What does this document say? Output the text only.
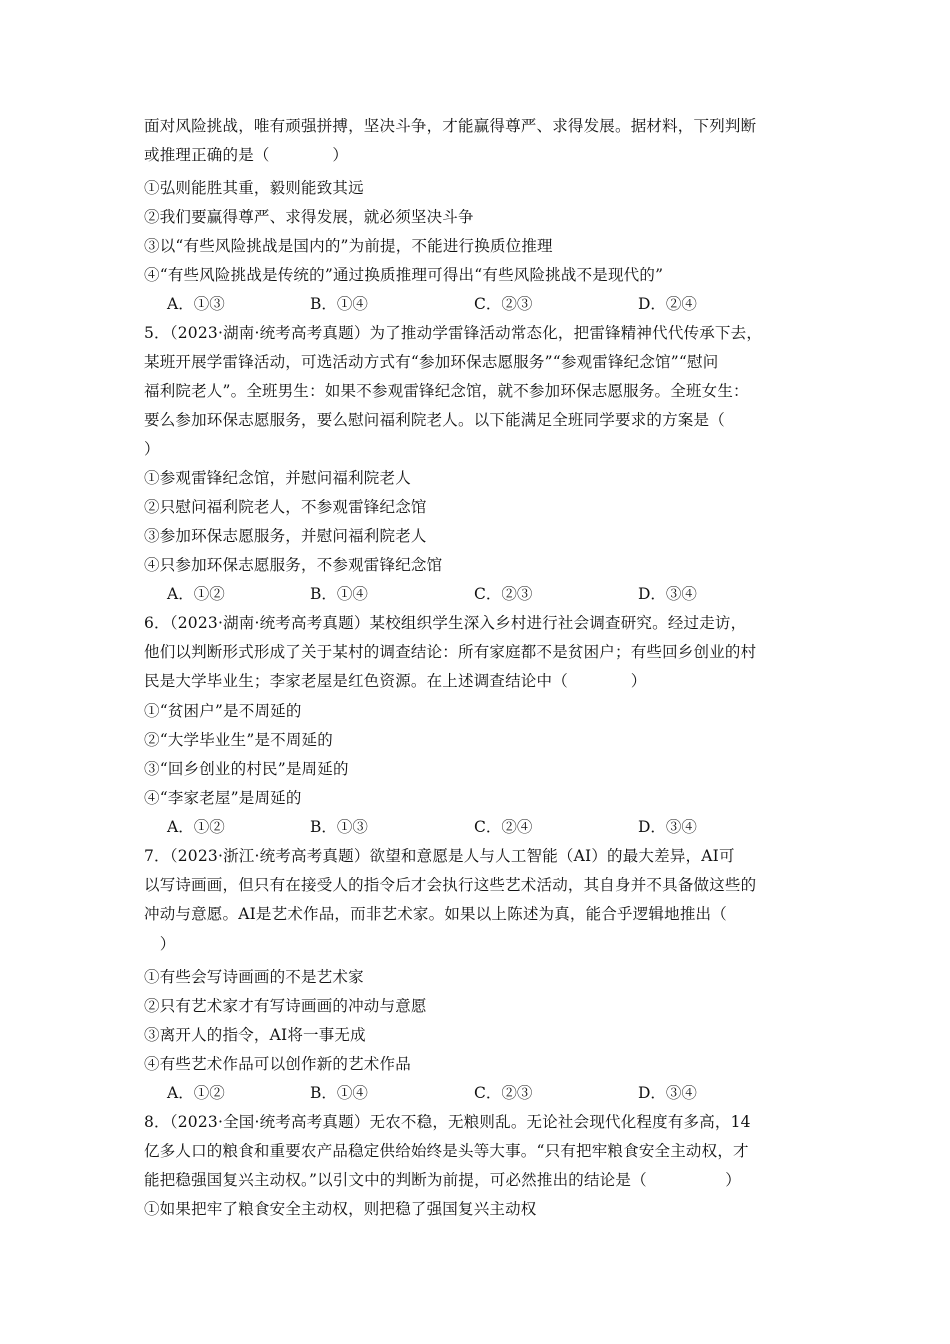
面对风险挑战，唯有顽强拼搏，坚决斗争，才能赢得尊严、求得发展。据材料，下列判断
或推理正确的是（　　　　）
①弘则能胜其重，毅则能致其远
②我们要赢得尊严、求得发展，就必须坚决斗争
③以“有些风险挑战是国内的”为前提，不能进行换质位推理
④“有些风险挑战是传统的”通过换质推理可得出“有些风险挑战不是现代的”
A．①③	B．①④	C．②③	D．②④
5．（2023·湖南·统考高考真题）为了推动学雷锋活动常态化，把雷锋精神代代传承下去，
某班开展学雷锋活动，可选活动方式有“参加环保志愿服务”“参观雷锋纪念馆”“慰问
福利院老人”。全班男生：如果不参观雷锋纪念馆，就不参加环保志愿服务。全班女生：
要么参加环保志愿服务，要么慰问福利院老人。以下能满足全班同学要求的方案是（
）
①参观雷锋纪念馆，并慰问福利院老人
②只慰问福利院老人，不参观雷锋纪念馆
③参加环保志愿服务，并慰问福利院老人
④只参加环保志愿服务，不参观雷锋纪念馆
A．①②	B．①④	C．②③	D．③④
6．（2023·湖南·统考高考真题）某校组织学生深入乡村进行社会调查研究。经过走访，
他们以判断形式形成了关于某村的调查结论：所有家庭都不是贫困户；有些回乡创业的村
民是大学毕业生；李家老屋是红色资源。在上述调查结论中（　　　　）
①“贫困户”是不周延的
②“大学毕业生”是不周延的
③“回乡创业的村民”是周延的
④“李家老屋”是周延的
A．①②	B．①③	C．②④	D．③④
7．（2023·浙江·统考高考真题）欲望和意愿是人与人工智能（AI）的最大差异，AI可
以写诗画画，但只有在接受人的指令后才会执行这些艺术活动，其自身并不具备做这些的
冲动与意愿。AI是艺术作品，而非艺术家。如果以上陈述为真，能合乎逻辑地推出（
　）
①有些会写诗画画的不是艺术家
②只有艺术家才有写诗画画的冲动与意愿
③离开人的指令，AI将一事无成
④有些艺术作品可以创作新的艺术作品
A．①②	B．①④	C．②③	D．③④
8．（2023·全国·统考高考真题）无农不稳，无粮则乱。无论社会现代化程度有多高，14
亿多人口的粮食和重要农产品稳定供给始终是头等大事。“只有把牢粮食安全主动权，才
能把稳强国复兴主动权。”以引文中的判断为前提，可必然推出的结论是（　　　　　）
①如果把牢了粮食安全主动权，则把稳了强国复兴主动权
